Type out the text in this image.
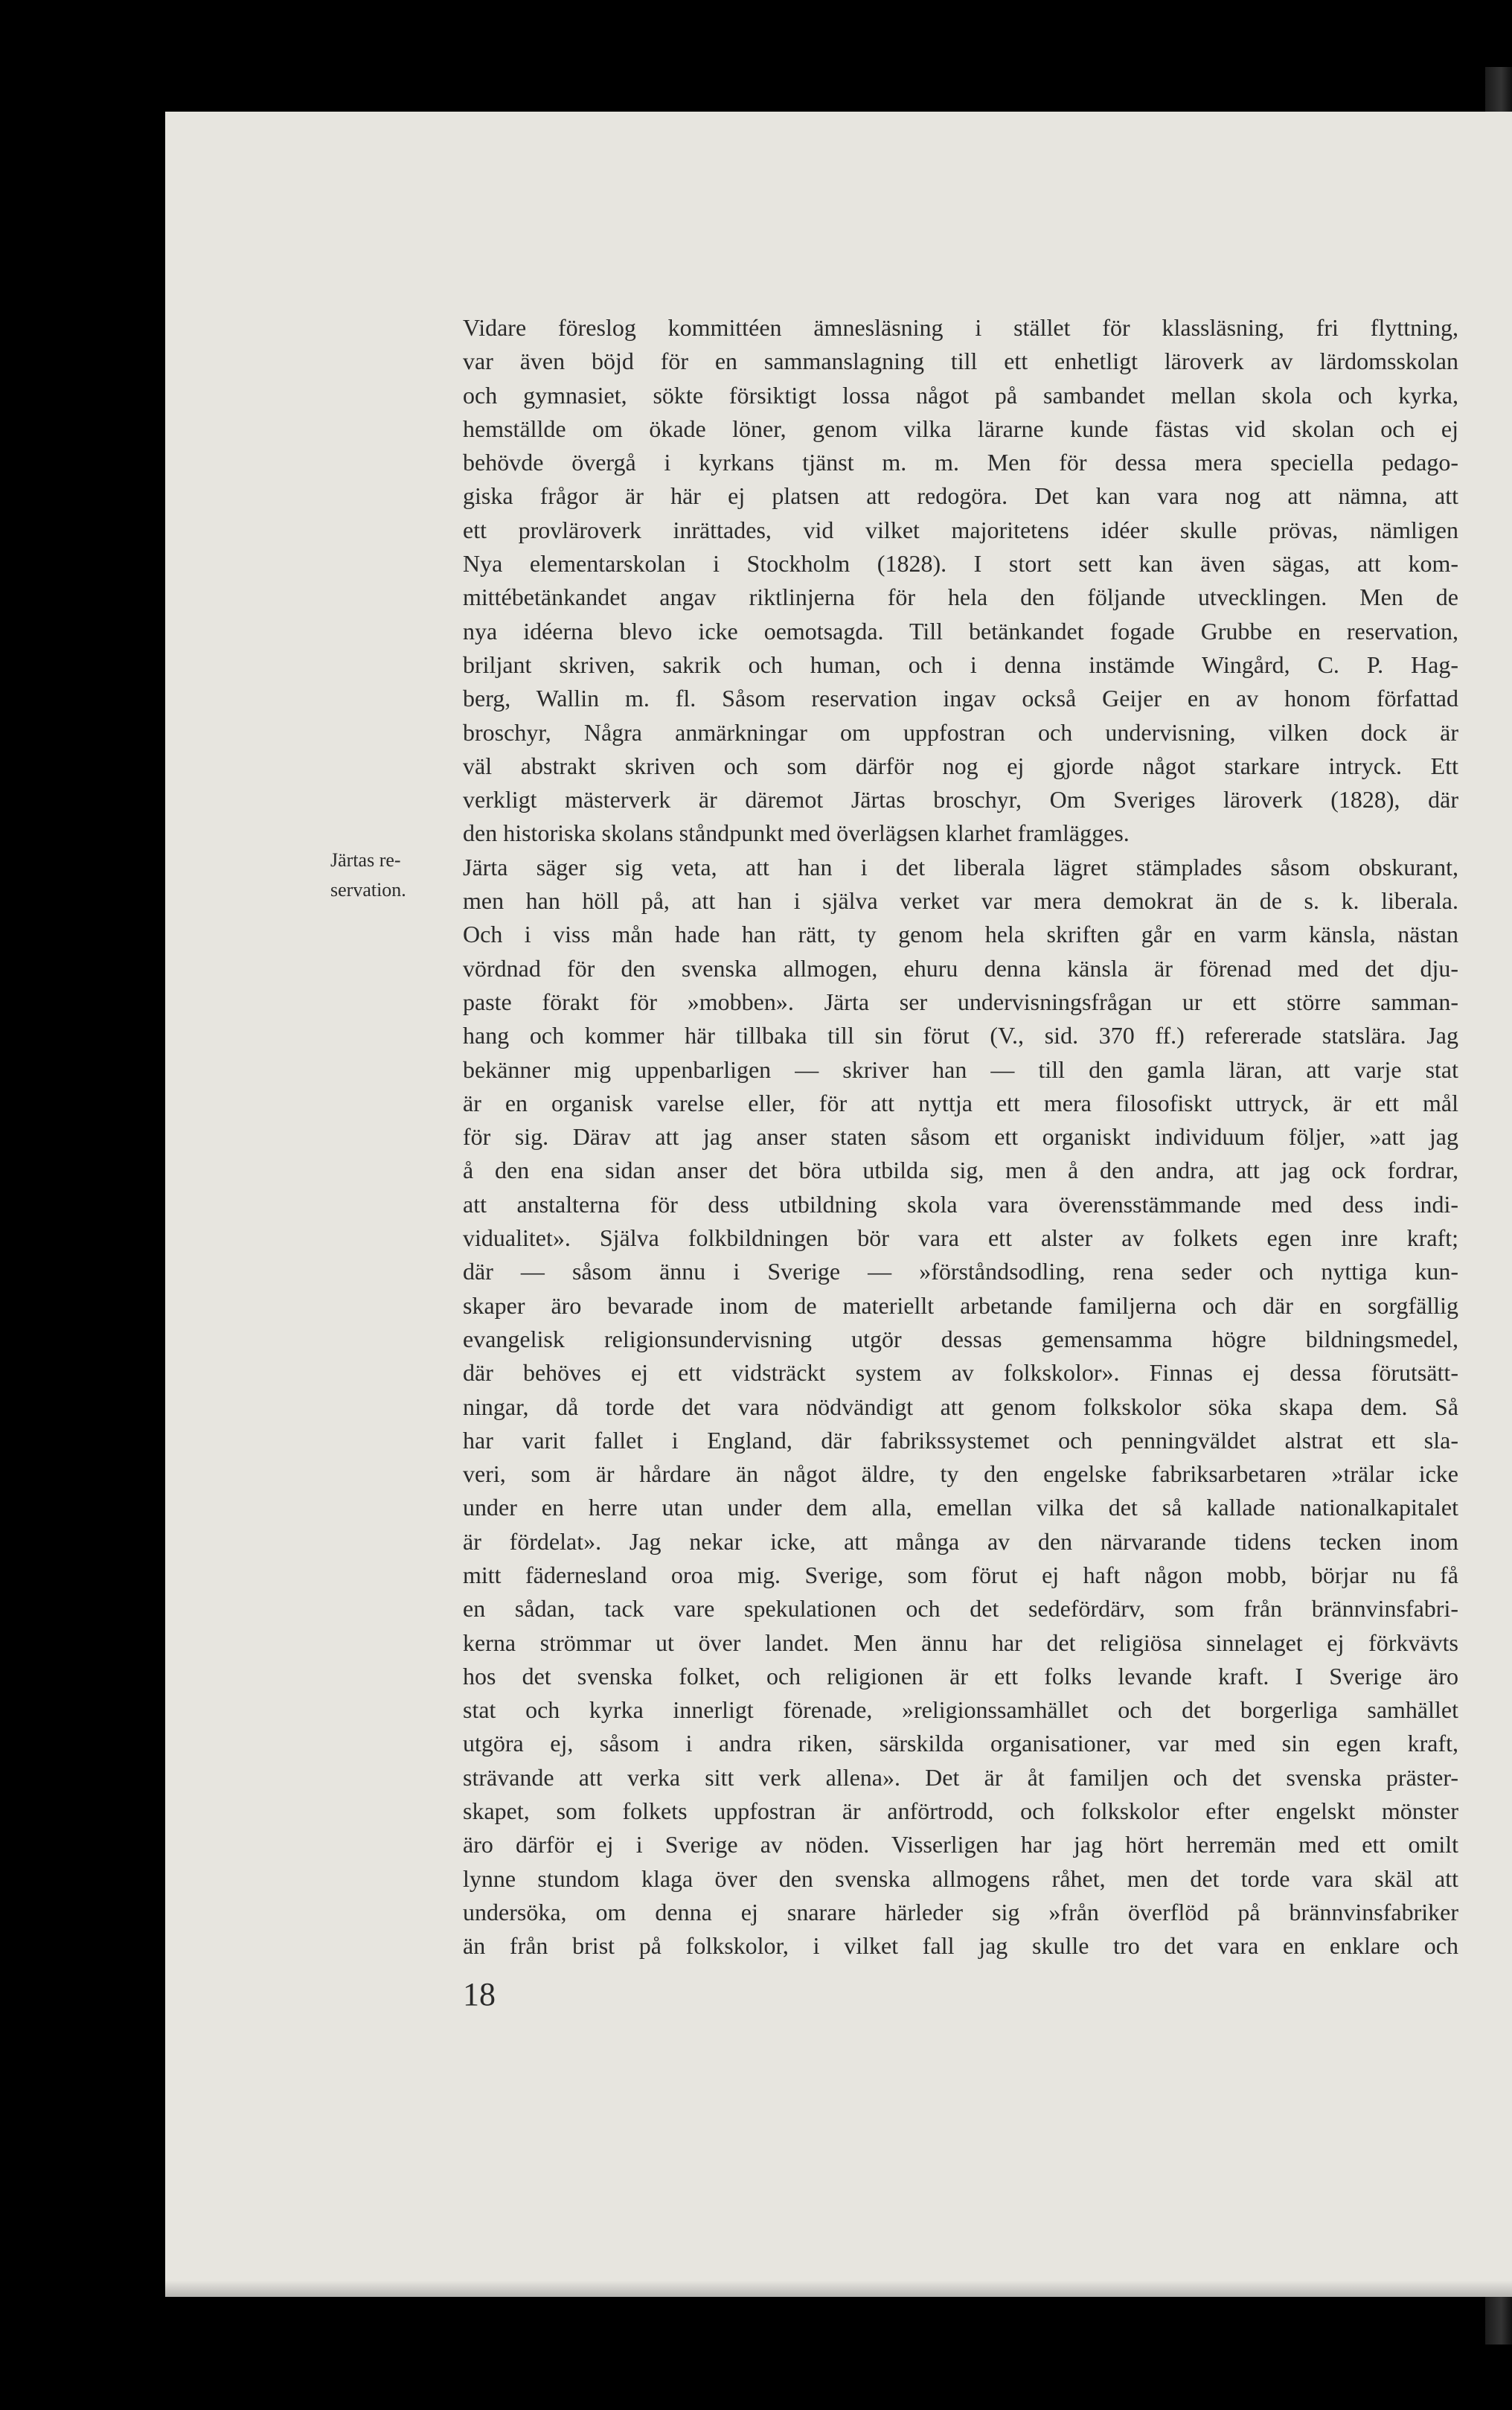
Järtas re-
servation.
Vidare föreslog kommittéen ämnesläsning i stället för klassläsning, fri flyttning,
var även böjd för en sammanslagning till ett enhetligt läroverk av lärdomsskolan
och gymnasiet, sökte försiktigt lossa något på sambandet mellan skola och kyrka,
hemställde om ökade löner, genom vilka lärarne kunde fästas vid skolan och ej
behövde övergå i kyrkans tjänst m. m. Men för dessa mera speciella pedago-
giska frågor är här ej platsen att redogöra. Det kan vara nog att nämna, att
ett provläroverk inrättades, vid vilket majoritetens idéer skulle prövas, nämligen
Nya elementarskolan i Stockholm (1828). I stort sett kan även sägas, att kom-
mittébetänkandet angav riktlinjerna för hela den följande utvecklingen. Men de
nya idéerna blevo icke oemotsagda. Till betänkandet fogade Grubbe en reservation,
briljant skriven, sakrik och human, och i denna instämde Wingård, C. P. Hag-
berg, Wallin m. fl. Såsom reservation ingav också Geijer en av honom författad
broschyr, Några anmärkningar om uppfostran och undervisning, vilken dock är
väl abstrakt skriven och som därför nog ej gjorde något starkare intryck. Ett
verkligt mästerverk är däremot Järtas broschyr, Om Sveriges läroverk (1828), där
den historiska skolans ståndpunkt med överlägsen klarhet framlägges.
Järta säger sig veta, att han i det liberala lägret stämplades såsom obskurant,
men han höll på, att han i själva verket var mera demokrat än de s. k. liberala.
Och i viss mån hade han rätt, ty genom hela skriften går en varm känsla, nästan
vördnad för den svenska allmogen, ehuru denna känsla är förenad med det dju-
paste förakt för »mobben». Järta ser undervisningsfrågan ur ett större samman-
hang och kommer här tillbaka till sin förut (V., sid. 370 ff.) refererade statslära. Jag
bekänner mig uppenbarligen — skriver han — till den gamla läran, att varje stat
är en organisk varelse eller, för att nyttja ett mera filosofiskt uttryck, är ett mål
för sig. Därav att jag anser staten såsom ett organiskt individuum följer, »att jag
å den ena sidan anser det böra utbilda sig, men å den andra, att jag ock fordrar,
att anstalterna för dess utbildning skola vara överensstämmande med dess indi-
vidualitet». Själva folkbildningen bör vara ett alster av folkets egen inre kraft;
där — såsom ännu i Sverige — »förståndsodling, rena seder och nyttiga kun-
skaper äro bevarade inom de materiellt arbetande familjerna och där en sorgfällig
evangelisk religionsundervisning utgör dessas gemensamma högre bildningsmedel,
där behöves ej ett vidsträckt system av folkskolor». Finnas ej dessa förutsätt-
ningar, då torde det vara nödvändigt att genom folkskolor söka skapa dem. Så
har varit fallet i England, där fabrikssystemet och penningväldet alstrat ett sla-
veri, som är hårdare än något äldre, ty den engelske fabriksarbetaren »trälar icke
under en herre utan under dem alla, emellan vilka det så kallade nationalkapitalet
är fördelat». Jag nekar icke, att många av den närvarande tidens tecken inom
mitt fädernesland oroa mig. Sverige, som förut ej haft någon mobb, börjar nu få
en sådan, tack vare spekulationen och det sedefördärv, som från brännvinsfabri-
kerna strömmar ut över landet. Men ännu har det religiösa sinnelaget ej förkvävts
hos det svenska folket, och religionen är ett folks levande kraft. I Sverige äro
stat och kyrka innerligt förenade, »religionssamhället och det borgerliga samhället
utgöra ej, såsom i andra riken, särskilda organisationer, var med sin egen kraft,
strävande att verka sitt verk allena». Det är åt familjen och det svenska präster-
skapet, som folkets uppfostran är anförtrodd, och folkskolor efter engelskt mönster
äro därför ej i Sverige av nöden. Visserligen har jag hört herremän med ett omilt
lynne stundom klaga över den svenska allmogens råhet, men det torde vara skäl att
undersöka, om denna ej snarare härleder sig »från överflöd på brännvinsfabriker
än från brist på folkskolor, i vilket fall jag skulle tro det vara en enklare och
18
